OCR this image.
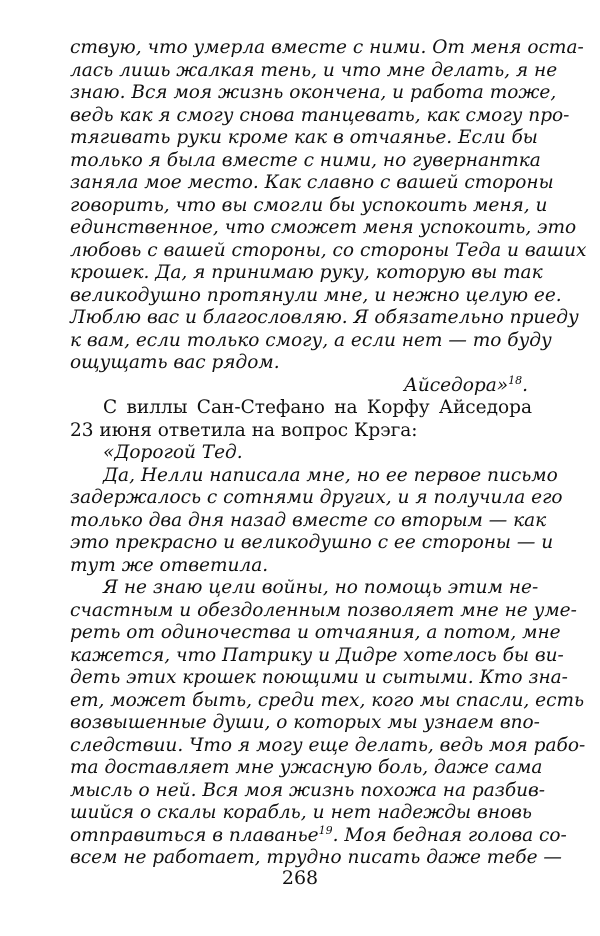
ствую, что умерла вместе с ними. От меня оста-
лась лишь жалкая тень, и что мне делать, я не
знаю. Вся моя жизнь окончена, и работа тоже,
ведь как я смогу снова танцевать, как смогу про-
тягивать руки кроме как в отчаянье. Если бы
только я была вместе с ними, но гувернантка
заняла мое место. Как славно с вашей стороны
говорить, что вы смогли бы успокоить меня, и
единственное, что сможет меня успокоить, это
любовь с вашей стороны, со стороны Теда и ваших
крошек. Да, я принимаю руку, которую вы так
великодушно протянули мне, и нежно целую ее.
Люблю вас и благословляю. Я обязательно приеду
к вам, если только смогу, а если нет — то буду
ощущать вас рядом.
Айседора»$^{18}$.
С виллы Сан-Стефано на Корфу Айседора
23 июня ответила на вопрос Крэга:
«Дорогой Тед.
Да, Нелли написала мне, но ее первое письмо
задержалось с сотнями других, и я получила его
только два дня назад вместе со вторым — как
это прекрасно и великодушно с ее стороны — и
тут же ответила.
Я не знаю цели войны, но помощь этим не-
счастным и обездоленным позволяет мне не уме-
реть от одиночества и отчаяния, а потом, мне
кажется, что Патрику и Дидре хотелось бы ви-
деть этих крошек поющими и сытыми. Кто зна-
ет, может быть, среди тех, кого мы спасли, есть
возвышенные души, о которых мы узнаем впо-
следствии. Что я могу еще делать, ведь моя рабо-
та доставляет мне ужасную боль, даже сама
мысль о ней. Вся моя жизнь похожа на разбив-
шийся о скалы корабль, и нет надежды вновь
отправиться в плаванье$^{19}$. Моя бедная голова со-
всем не работает, трудно писать даже тебе —
268
